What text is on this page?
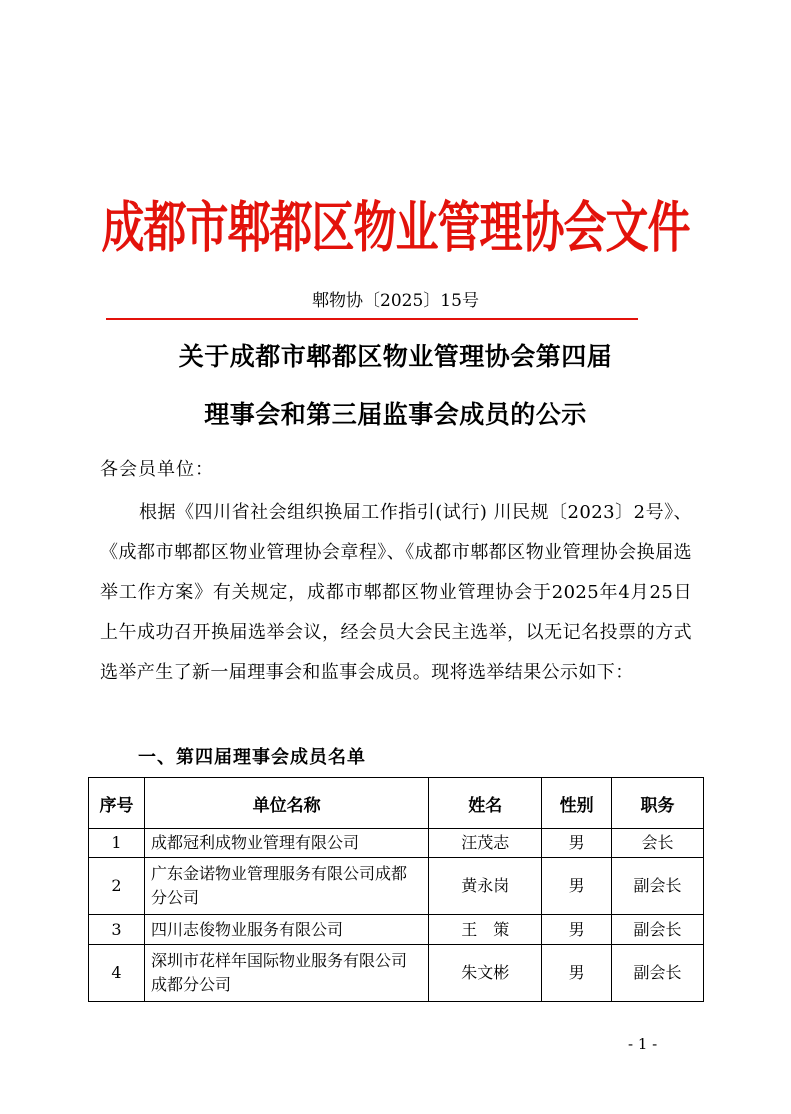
成都市郫都区物业管理协会文件
郫物协〔2025〕15号
关于成都市郫都区物业管理协会第四届
理事会和第三届监事会成员的公示
各会员单位：
根据《四川省社会组织换届工作指引(试行) 川民规〔2023〕2号》、《成都市郫都区物业管理协会章程》、《成都市郫都区物业管理协会换届选举工作方案》有关规定，成都市郫都区物业管理协会于2025年4月25日上午成功召开换届选举会议，经会员大会民主选举，以无记名投票的方式选举产生了新一届理事会和监事会成员。现将选举结果公示如下：
一、第四届理事会成员名单
序号	单位名称	姓名	性别	职务
1	成都冠利成物业管理有限公司	汪茂志	男	会长
2	广东金诺物业管理服务有限公司成都分公司	黄永岗	男	副会长
3	四川志俊物业服务有限公司	王　策	男	副会长
4	深圳市花样年国际物业服务有限公司成都分公司	朱文彬	男	副会长
- 1 -
